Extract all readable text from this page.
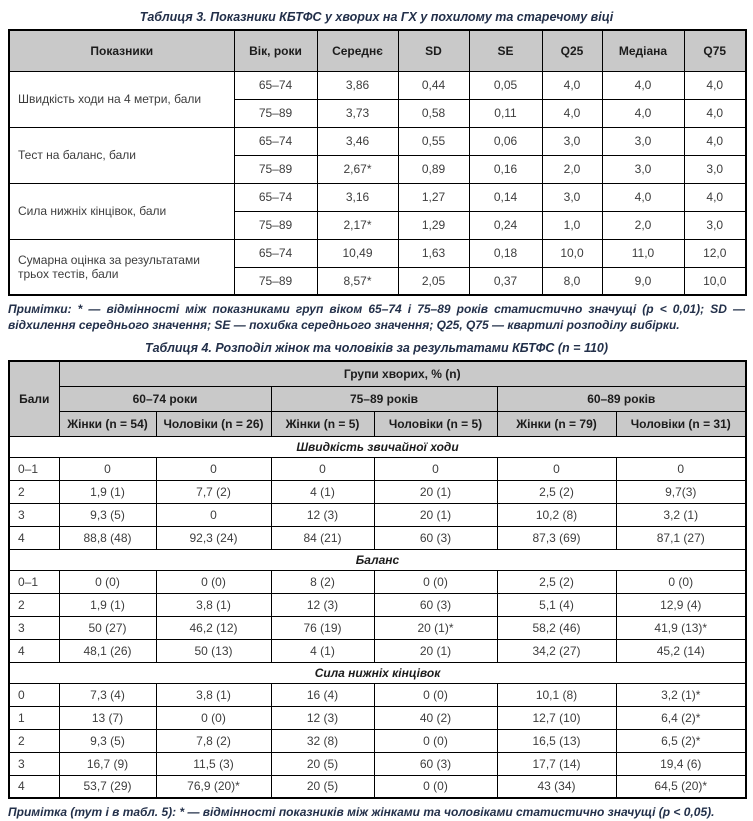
Таблиця 3. Показники КБТФС у хворих на ГХ у похилому та старечому віці
Показники	Вік, роки	Середнє	SD	SE	Q25	Медіана	Q75
Швидкість ходи на 4 метри, бали	65–74	3,86	0,44	0,05	4,0	4,0	4,0
	75–89	3,73	0,58	0,11	4,0	4,0	4,0
Тест на баланс, бали	65–74	3,46	0,55	0,06	3,0	3,0	4,0
	75–89	2,67*	0,89	0,16	2,0	3,0	3,0
Сила нижніх кінцівок, бали	65–74	3,16	1,27	0,14	3,0	4,0	4,0
	75–89	2,17*	1,29	0,24	1,0	2,0	3,0
Сумарна оцінка за результатами трьох тестів, бали	65–74	10,49	1,63	0,18	10,0	11,0	12,0
	75–89	8,57*	2,05	0,37	8,0	9,0	10,0
Примітки: * — відмінності між показниками груп віком 65–74 і 75–89 років статистично значущі (p < 0,01); SD — відхилення середнього значення; SE — похибка середнього значення; Q25, Q75 — квартилі розподілу вибірки.
Таблиця 4. Розподіл жінок та чоловіків за результатами КБТФС (n = 110)
Бали	Групи хворих, % (n)					
	60–74 роки		75–89 років		60–89 років	
	Жінки (n = 54)	Чоловіки (n = 26)	Жінки (n = 5)	Чоловіки (n = 5)	Жінки (n = 79)	Чоловіки (n = 31)
Швидкість звичайної ходи						
0–1	0	0	0	0	0	0
2	1,9 (1)	7,7 (2)	4 (1)	20 (1)	2,5 (2)	9,7(3)
3	9,3 (5)	0	12 (3)	20 (1)	10,2 (8)	3,2 (1)
4	88,8 (48)	92,3 (24)	84 (21)	60 (3)	87,3 (69)	87,1 (27)
Баланс						
0–1	0 (0)	0 (0)	8 (2)	0 (0)	2,5 (2)	0 (0)
2	1,9 (1)	3,8 (1)	12 (3)	60 (3)	5,1 (4)	12,9 (4)
3	50 (27)	46,2 (12)	76 (19)	20 (1)*	58,2 (46)	41,9 (13)*
4	48,1 (26)	50 (13)	4 (1)	20 (1)	34,2 (27)	45,2 (14)
Сила нижніх кінцівок						
0	7,3 (4)	3,8 (1)	16 (4)	0 (0)	10,1 (8)	3,2 (1)*
1	13 (7)	0 (0)	12 (3)	40 (2)	12,7 (10)	6,4 (2)*
2	9,3 (5)	7,8 (2)	32 (8)	0 (0)	16,5 (13)	6,5 (2)*
3	16,7 (9)	11,5 (3)	20 (5)	60 (3)	17,7 (14)	19,4 (6)
4	53,7 (29)	76,9 (20)*	20 (5)	0 (0)	43 (34)	64,5 (20)*
Примітка (тут і в табл. 5): * — відмінності показників між жінками та чоловіками статистично значущі (p < 0,05).
